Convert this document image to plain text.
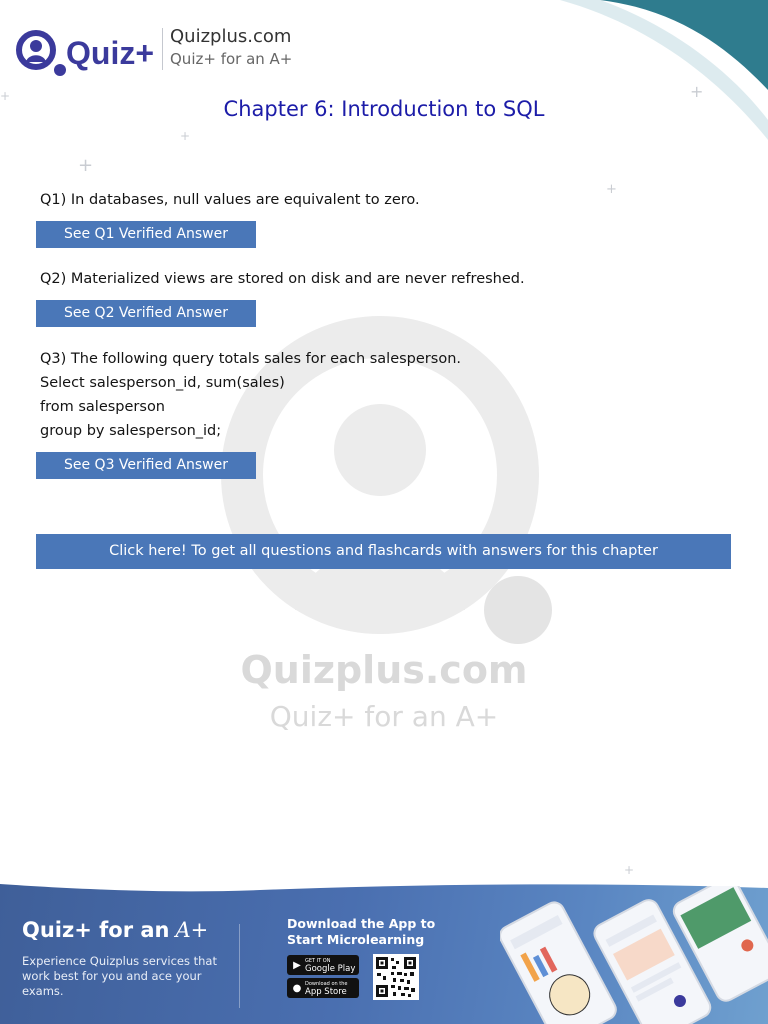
+
+
+
+
+
+
Quizplus.com
Quiz+ for an A+
Quiz+ Quizplus.com
Quiz+ for an A+
Chapter 6: Introduction to SQL
Q1) In databases, null values are equivalent to zero.
See Q1 Verified Answer
Q2) Materialized views are stored on disk and are never refreshed.
See Q2 Verified Answer
Q3) The following query totals sales for each salesperson.
Select salesperson_id, sum(sales)
from salesperson
group by salesperson_id;
See Q3 Verified Answer
Click here! To get all questions and flashcards with answers for this chapter
Quiz+ for an A+
Experience Quizplus services that work best for you and ace your exams.
Download the App to Start Microlearning
▶ GET IT ON
Google Play
● Download on the
App Store
